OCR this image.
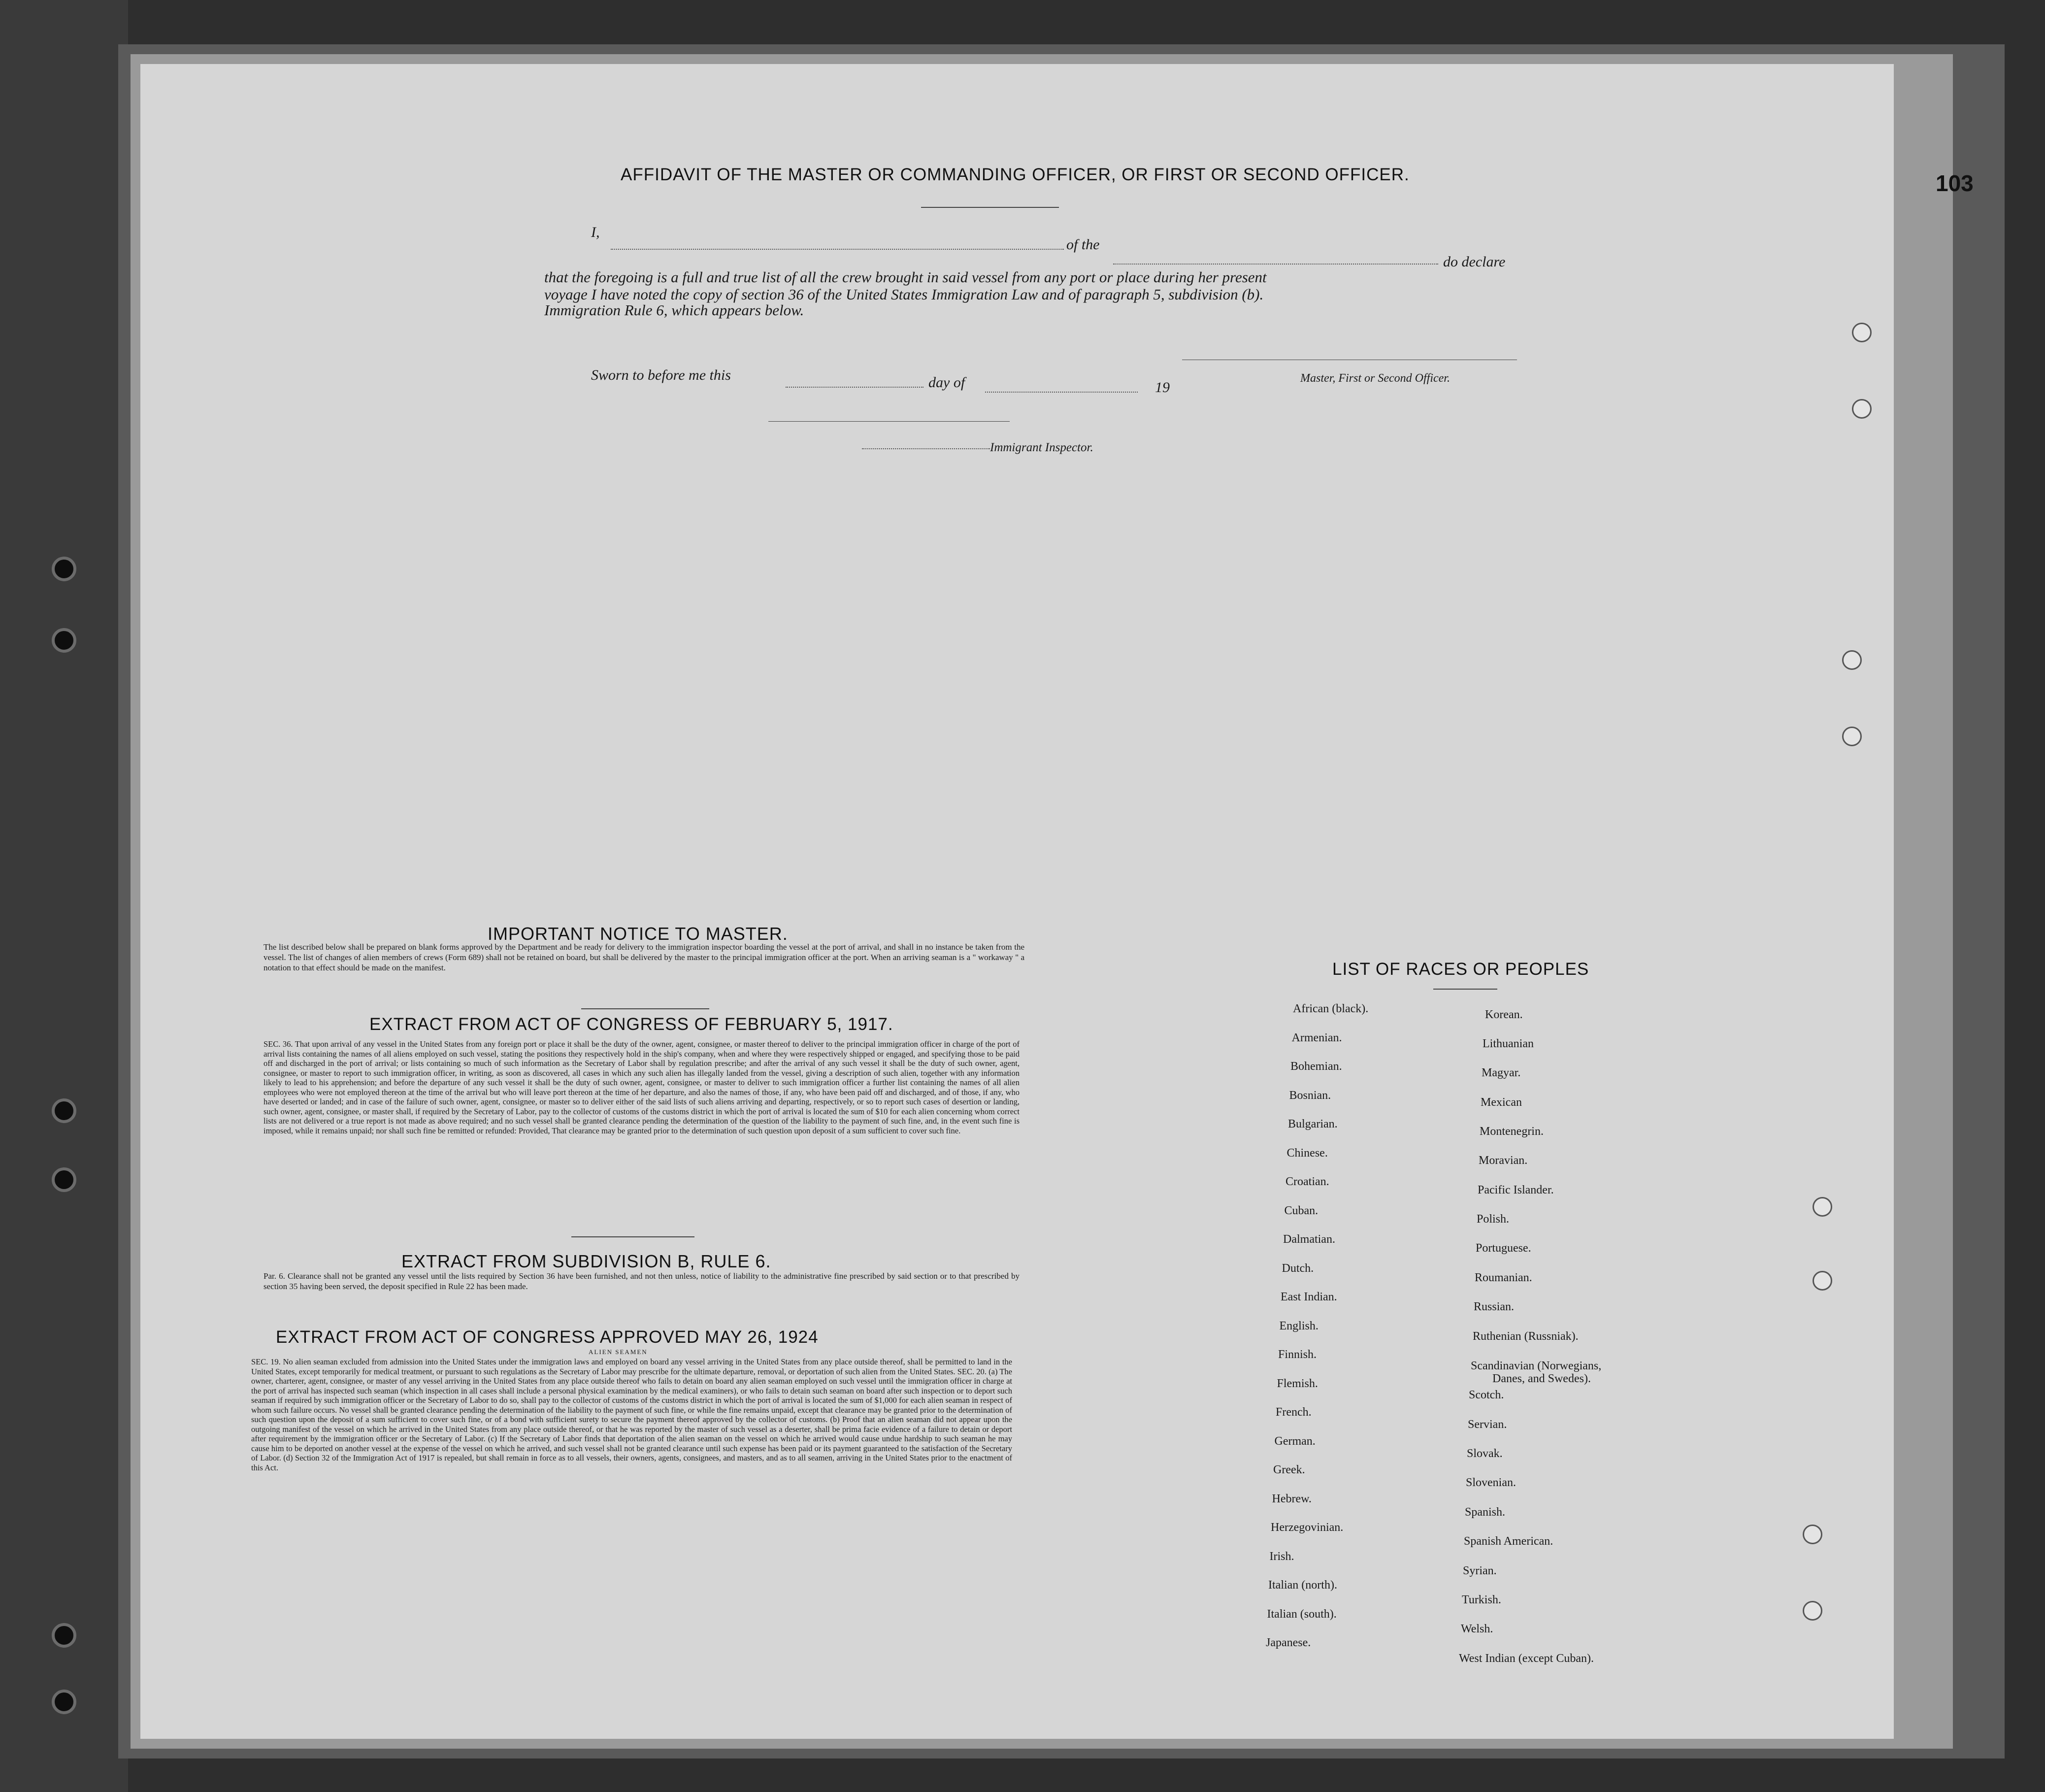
103
AFFIDAVIT OF THE MASTER OR COMMANDING OFFICER, OR FIRST OR SECOND OFFICER.
I,
of the
do declare
that the foregoing is a full and true list of all the crew brought in said vessel from any port or place during her present
voyage I have noted the copy of section 36 of the United States Immigration Law and of paragraph 5, subdivision (b).
Immigration Rule 6, which appears below.
Sworn to before me this	day of	19
Master, First or Second Officer.
Immigrant Inspector.
IMPORTANT NOTICE TO MASTER.
The list described below shall be prepared on blank forms approved by the Department and be ready for delivery to the immigration inspector boarding the vessel at the port of arrival, and shall in no instance be taken from the vessel. The list of changes of alien members of crews (Form 689) shall not be retained on board, but shall be delivered by the master to the principal immigration officer at the port. When an arriving seaman is a " workaway " a notation to that effect should be made on the manifest.
EXTRACT FROM ACT OF CONGRESS OF FEBRUARY 5, 1917.
SEC. 36. That upon arrival of any vessel in the United States from any foreign port or place it shall be the duty of the owner, agent, consignee, or master thereof to deliver to the principal immigration officer in charge of the port of arrival lists containing the names of all aliens employed on such vessel, stating the positions they respectively hold in the ship's company, when and where they were respectively shipped or engaged, and specifying those to be paid off and discharged in the port of arrival; or lists containing so much of such information as the Secretary of Labor shall by regulation prescribe; and after the arrival of any such vessel it shall be the duty of such owner, agent, consignee, or master to report to such immigration officer, in writing, as soon as discovered, all cases in which any such alien has illegally landed from the vessel, giving a description of such alien, together with any information likely to lead to his apprehension; and before the departure of any such vessel it shall be the duty of such owner, agent, consignee, or master to deliver to such immigration officer a further list containing the names of all alien employees who were not employed thereon at the time of the arrival but who will leave port thereon at the time of her departure, and also the names of those, if any, who have been paid off and discharged, and of those, if any, who have deserted or landed; and in case of the failure of such owner, agent, consignee, or master so to deliver either of the said lists of such aliens arriving and departing, respectively, or so to report such cases of desertion or landing, such owner, agent, consignee, or master shall, if required by the Secretary of Labor, pay to the collector of customs of the customs district in which the port of arrival is located the sum of $10 for each alien concerning whom correct lists are not delivered or a true report is not made as above required; and no such vessel shall be granted clearance pending the determination of the question of the liability to the payment of such fine, and, in the event such fine is imposed, while it remains unpaid; nor shall such fine be remitted or refunded: Provided, That clearance may be granted prior to the determination of such question upon deposit of a sum sufficient to cover such fine.
EXTRACT FROM SUBDIVISION B, RULE 6.
Par. 6. Clearance shall not be granted any vessel until the lists required by Section 36 have been furnished, and not then unless, notice of liability to the administrative fine prescribed by said section or to that prescribed by section 35 having been served, the deposit specified in Rule 22 has been made.
EXTRACT FROM ACT OF CONGRESS APPROVED MAY 26, 1924
ALIEN SEAMEN
SEC. 19. No alien seaman excluded from admission into the United States under the immigration laws and employed on board any vessel arriving in the United States from any place outside thereof, shall be permitted to land in the United States, except temporarily for medical treatment, or pursuant to such regulations as the Secretary of Labor may prescribe for the ultimate departure, removal, or deportation of such alien from the United States. SEC. 20. (a) The owner, charterer, agent, consignee, or master of any vessel arriving in the United States from any place outside thereof who fails to detain on board any alien seaman employed on such vessel until the immigration officer in charge at the port of arrival has inspected such seaman (which inspection in all cases shall include a personal physical examination by the medical examiners), or who fails to detain such seaman on board after such inspection or to deport such seaman if required by such immigration officer or the Secretary of Labor to do so, shall pay to the collector of customs of the customs district in which the port of arrival is located the sum of $1,000 for each alien seaman in respect of whom such failure occurs. No vessel shall be granted clearance pending the determination of the liability to the payment of such fine, or while the fine remains unpaid, except that clearance may be granted prior to the determination of such question upon the deposit of a sum sufficient to cover such fine, or of a bond with sufficient surety to secure the payment thereof approved by the collector of customs. (b) Proof that an alien seaman did not appear upon the outgoing manifest of the vessel on which he arrived in the United States from any place outside thereof, or that he was reported by the master of such vessel as a deserter, shall be prima facie evidence of a failure to detain or deport after requirement by the immigration officer or the Secretary of Labor. (c) If the Secretary of Labor finds that deportation of the alien seaman on the vessel on which he arrived would cause undue hardship to such seaman he may cause him to be deported on another vessel at the expense of the vessel on which he arrived, and such vessel shall not be granted clearance until such expense has been paid or its payment guaranteed to the satisfaction of the Secretary of Labor. (d) Section 32 of the Immigration Act of 1917 is repealed, but shall remain in force as to all vessels, their owners, agents, consignees, and masters, and as to all seamen, arriving in the United States prior to the enactment of this Act.
LIST OF RACES OR PEOPLES
African (black).
Armenian.
Bohemian.
Bosnian.
Bulgarian.
Chinese.
Croatian.
Cuban.
Dalmatian.
Dutch.
East Indian.
English.
Finnish.
Flemish.
French.
German.
Greek.
Hebrew.
Herzegovinian.
Irish.
Italian (north).
Italian (south).
Japanese.
Korean.
Lithuanian
Magyar.
Mexican
Montenegrin.
Moravian.
Pacific Islander.
Polish.
Portuguese.
Roumanian.
Russian.
Ruthenian (Russniak).
Scandinavian (Norwegians,
Danes, and Swedes).
Scotch.
Servian.
Slovak.
Slovenian.
Spanish.
Spanish American.
Syrian.
Turkish.
Welsh.
West Indian (except Cuban).
